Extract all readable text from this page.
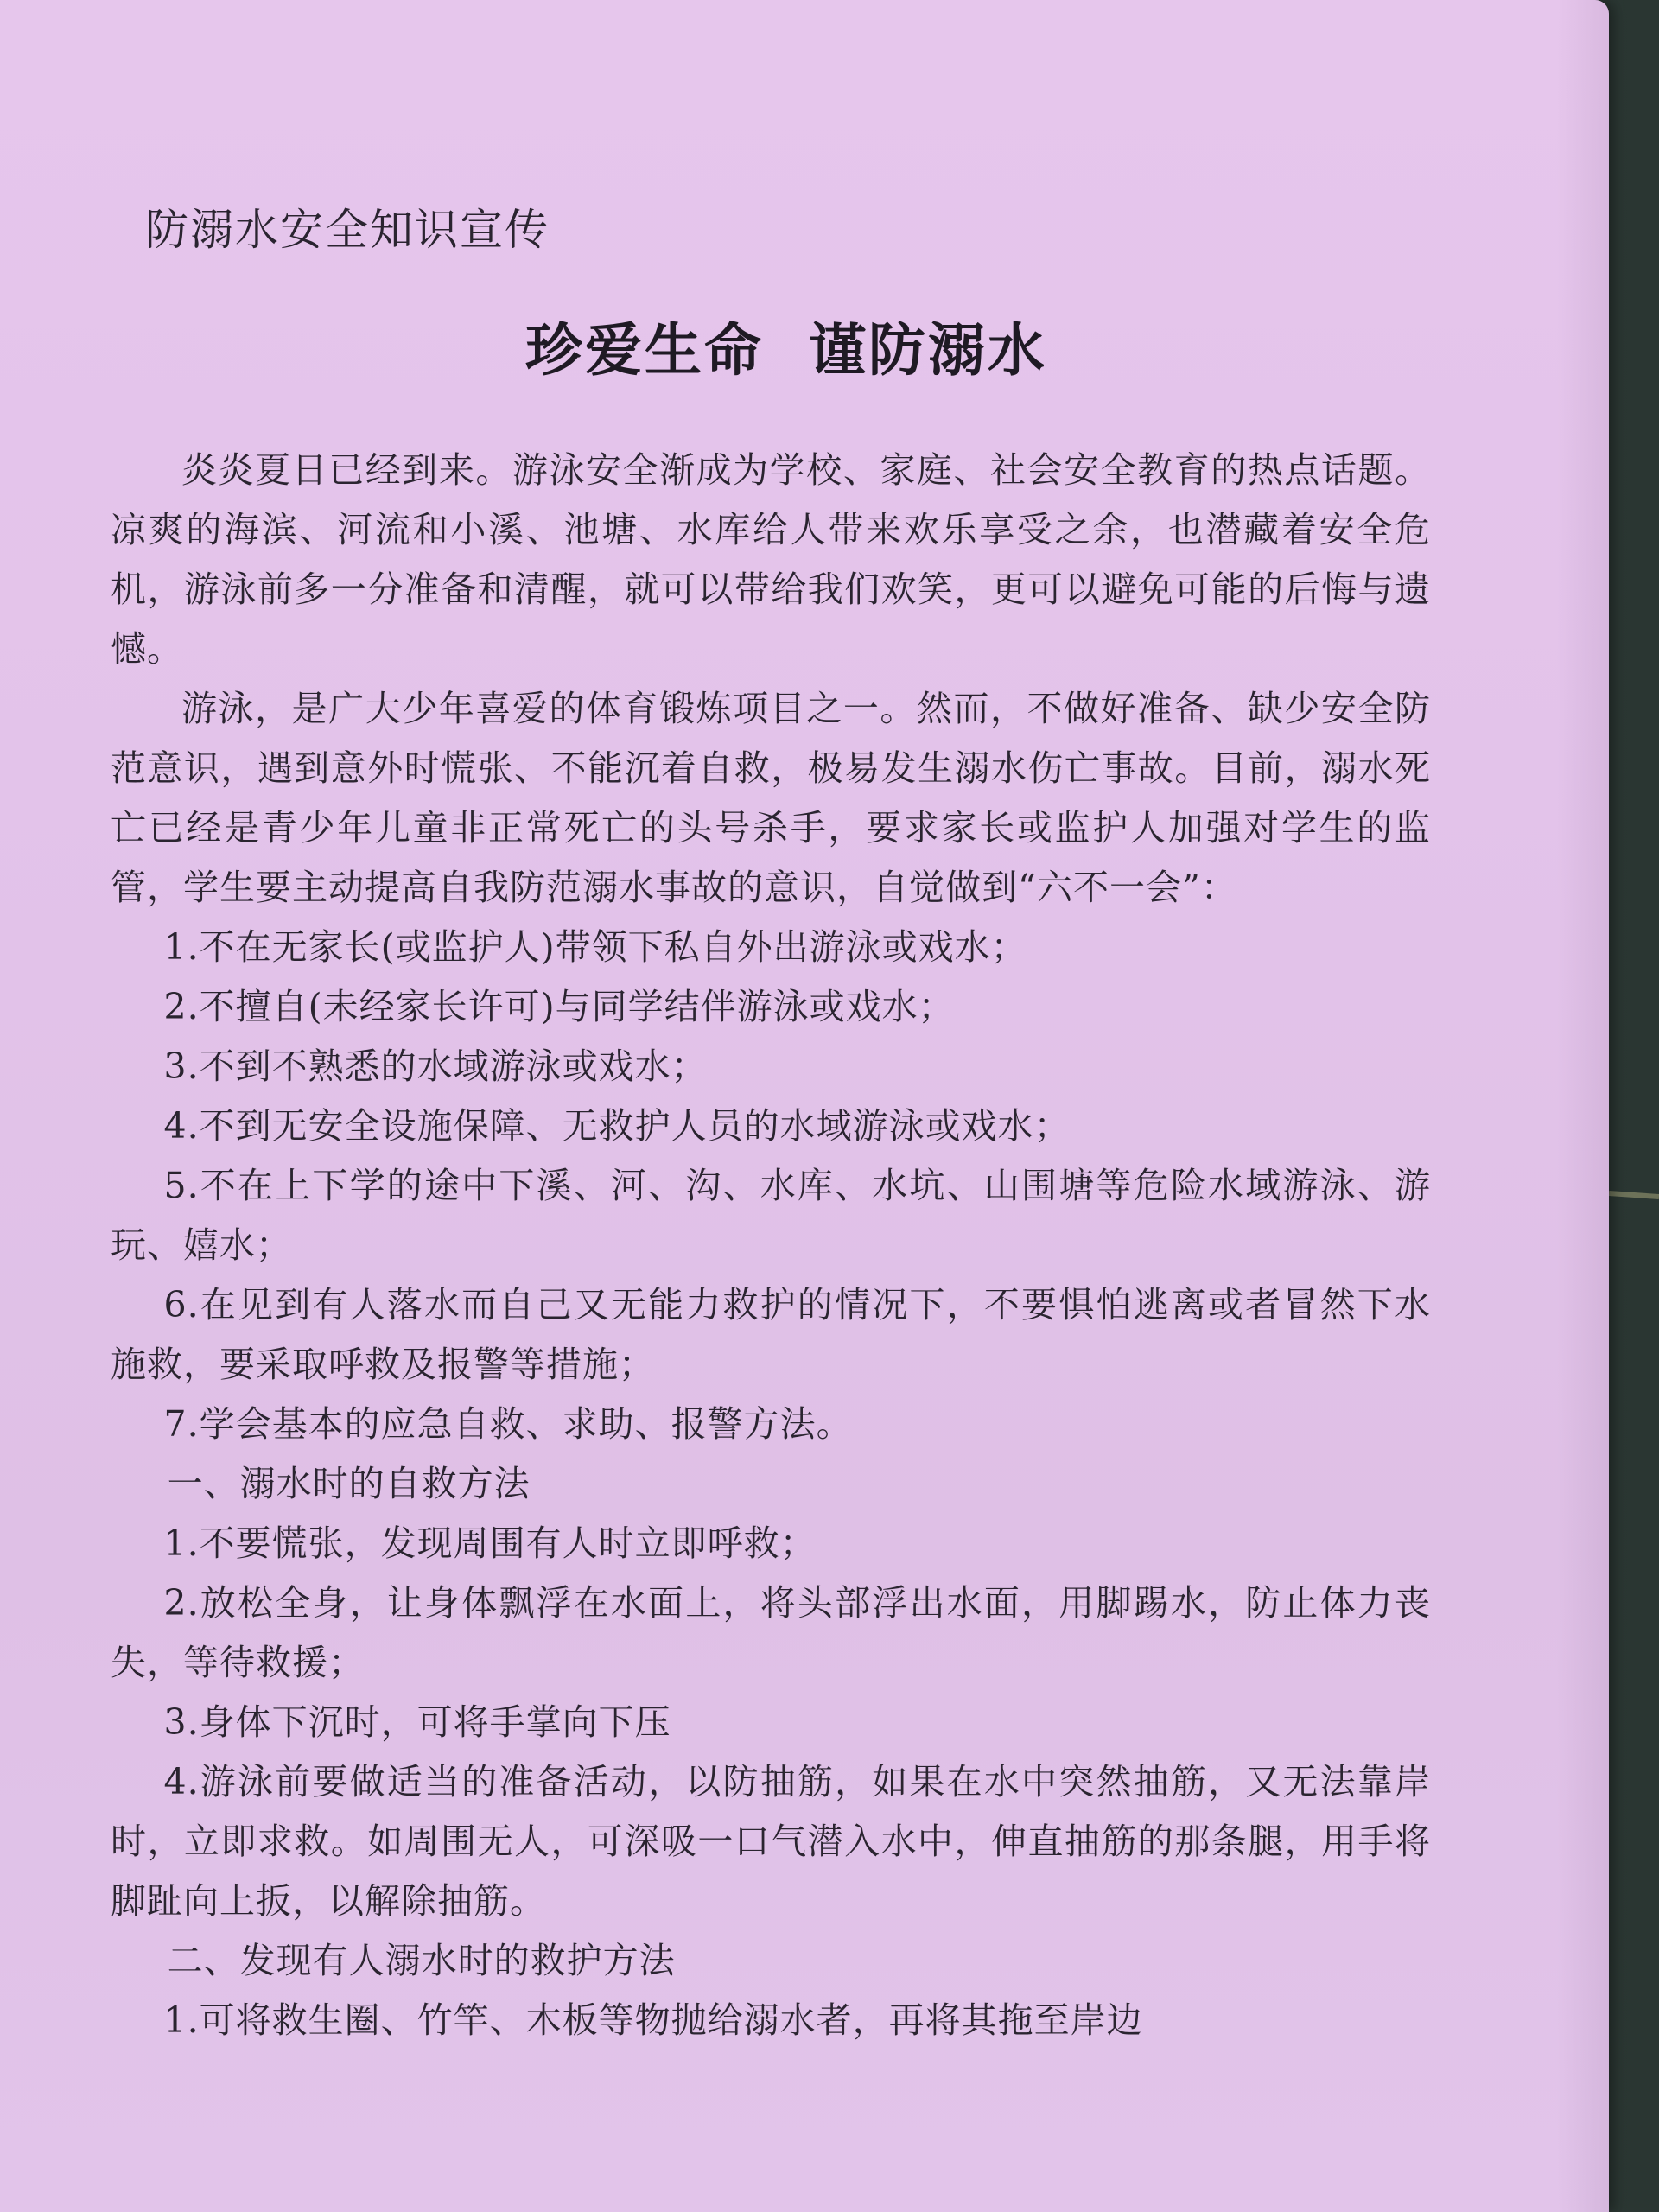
防溺水安全知识宣传
珍爱生命  谨防溺水

炎炎夏日已经到来。游泳安全渐成为学校、家庭、社会安全教育的热点话题。凉爽的海滨、河流和小溪、池塘、水库给人带来欢乐享受之余，也潜藏着安全危机，游泳前多一分准备和清醒，就可以带给我们欢笑，更可以避免可能的后悔与遗憾。

游泳，是广大少年喜爱的体育锻炼项目之一。然而，不做好准备、缺少安全防范意识，遇到意外时慌张、不能沉着自救，极易发生溺水伤亡事故。目前，溺水死亡已经是青少年儿童非正常死亡的头号杀手，要求家长或监护人加强对学生的监管，学生要主动提高自我防范溺水事故的意识，自觉做到“六不一会”：

1.不在无家长(或监护人)带领下私自外出游泳或戏水；

2.不擅自(未经家长许可)与同学结伴游泳或戏水；

3.不到不熟悉的水域游泳或戏水；

4.不到无安全设施保障、无救护人员的水域游泳或戏水；

5.不在上下学的途中下溪、河、沟、水库、水坑、山围塘等危险水域游泳、游玩、嬉水；

6.在见到有人落水而自己又无能力救护的情况下，不要惧怕逃离或者冒然下水施救，要采取呼救及报警等措施；

7.学会基本的应急自救、求助、报警方法。

一、溺水时的自救方法

1.不要慌张，发现周围有人时立即呼救；

2.放松全身，让身体飘浮在水面上，将头部浮出水面，用脚踢水，防止体力丧失，等待救援；

3.身体下沉时，可将手掌向下压

4.游泳前要做适当的准备活动，以防抽筋，如果在水中突然抽筋，又无法靠岸时，立即求救。如周围无人，可深吸一口气潜入水中，伸直抽筋的那条腿，用手将脚趾向上扳，以解除抽筋。

二、发现有人溺水时的救护方法

1.可将救生圈、竹竿、木板等物抛给溺水者，再将其拖至岸边
